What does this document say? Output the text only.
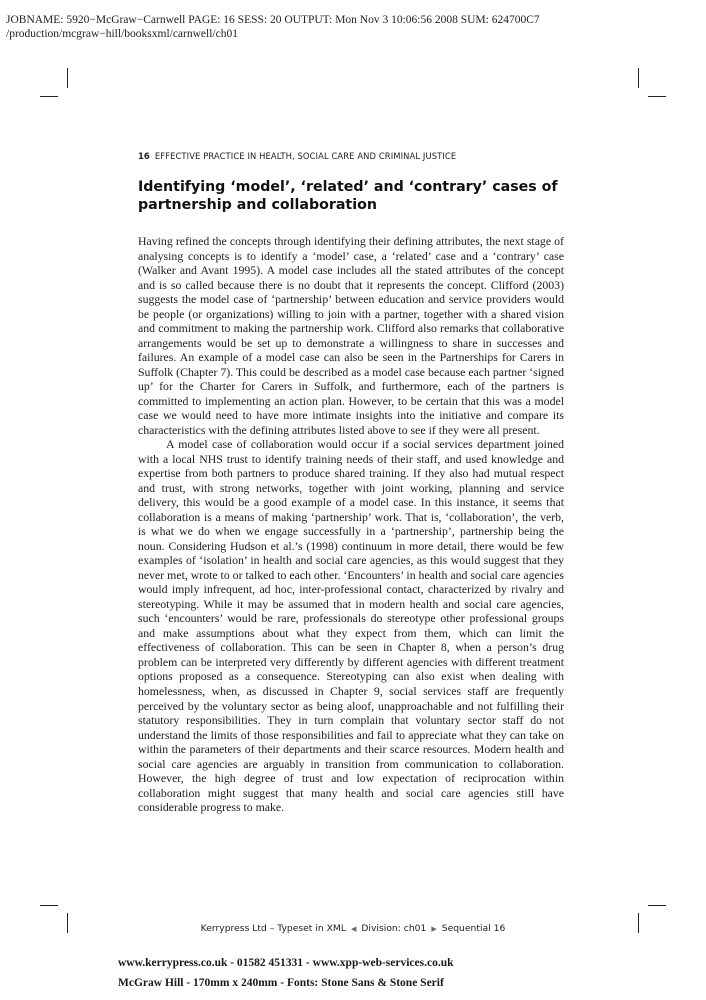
JOBNAME: 5920−McGraw−Carnwell PAGE: 16 SESS: 20 OUTPUT: Mon Nov 3 10:06:56 2008 SUM: 624700C7
/production/mcgraw−hill/booksxml/carnwell/ch01
16 EFFECTIVE PRACTICE IN HEALTH, SOCIAL CARE AND CRIMINAL JUSTICE
Identifying ‘model’, ‘related’ and ‘contrary’ cases of partnership and collaboration

Having refined the concepts through identifying their defining attributes, the next stage of analysing concepts is to identify a ‘model’ case, a ‘related’ case and a ‘contrary’ case (Walker and Avant 1995). A model case includes all the stated attributes of the concept and is so called because there is no doubt that it represents the concept. Clifford (2003) suggests the model case of ‘partnership’ between education and service providers would be people (or organizations) willing to join with a partner, together with a shared vision and commitment to making the partnership work. Clifford also remarks that collaborative arrangements would be set up to demonstrate a willingness to share in successes and failures. An example of a model case can also be seen in the Partnerships for Carers in Suffolk (Chapter 7). This could be described as a model case because each partner ‘signed up’ for the Charter for Carers in Suffolk, and furthermore, each of the partners is committed to implementing an action plan. However, to be certain that this was a model case we would need to have more intimate insights into the initiative and compare its characteristics with the defining attributes listed above to see if they were all present.

A model case of collaboration would occur if a social services department joined with a local NHS trust to identify training needs of their staff, and used knowledge and expertise from both partners to produce shared training. If they also had mutual respect and trust, with strong networks, together with joint working, planning and service delivery, this would be a good example of a model case. In this instance, it seems that collaboration is a means of making ‘partnership’ work. That is, ‘collaboration’, the verb, is what we do when we engage successfully in a ‘partnership’, partnership being the noun. Considering Hudson et al.’s (1998) continuum in more detail, there would be few examples of ‘isolation’ in health and social care agencies, as this would suggest that they never met, wrote to or talked to each other. ‘Encounters’ in health and social care agencies would imply infrequent, ad hoc, inter-professional contact, characterized by rivalry and stereotyping. While it may be assumed that in modern health and social care agencies, such ‘encounters’ would be rare, professionals do stereotype other professional groups and make assumptions about what they expect from them, which can limit the effectiveness of collaboration. This can be seen in Chapter 8, when a person’s drug problem can be interpreted very differently by different agencies with different treatment options proposed as a consequence. Stereotyping can also exist when dealing with homelessness, when, as discussed in Chapter 9, social services staff are frequently perceived by the voluntary sector as being aloof, unapproachable and not fulfilling their statutory responsibilities. They in turn complain that voluntary sector staff do not understand the limits of those responsibilities and fail to appreciate what they can take on within the parameters of their departments and their scarce resources. Modern health and social care agencies are arguably in transition from communication to collaboration. However, the high degree of trust and low expectation of reciprocation within collaboration might suggest that many health and social care agencies still have considerable progress to make.

Kerrypress Ltd – Typeset in XML ◀ Division: ch01 ▶ Sequential 16
www.kerrypress.co.uk - 01582 451331 - www.xpp-web-services.co.uk
McGraw Hill - 170mm x 240mm - Fonts: Stone Sans & Stone Serif
